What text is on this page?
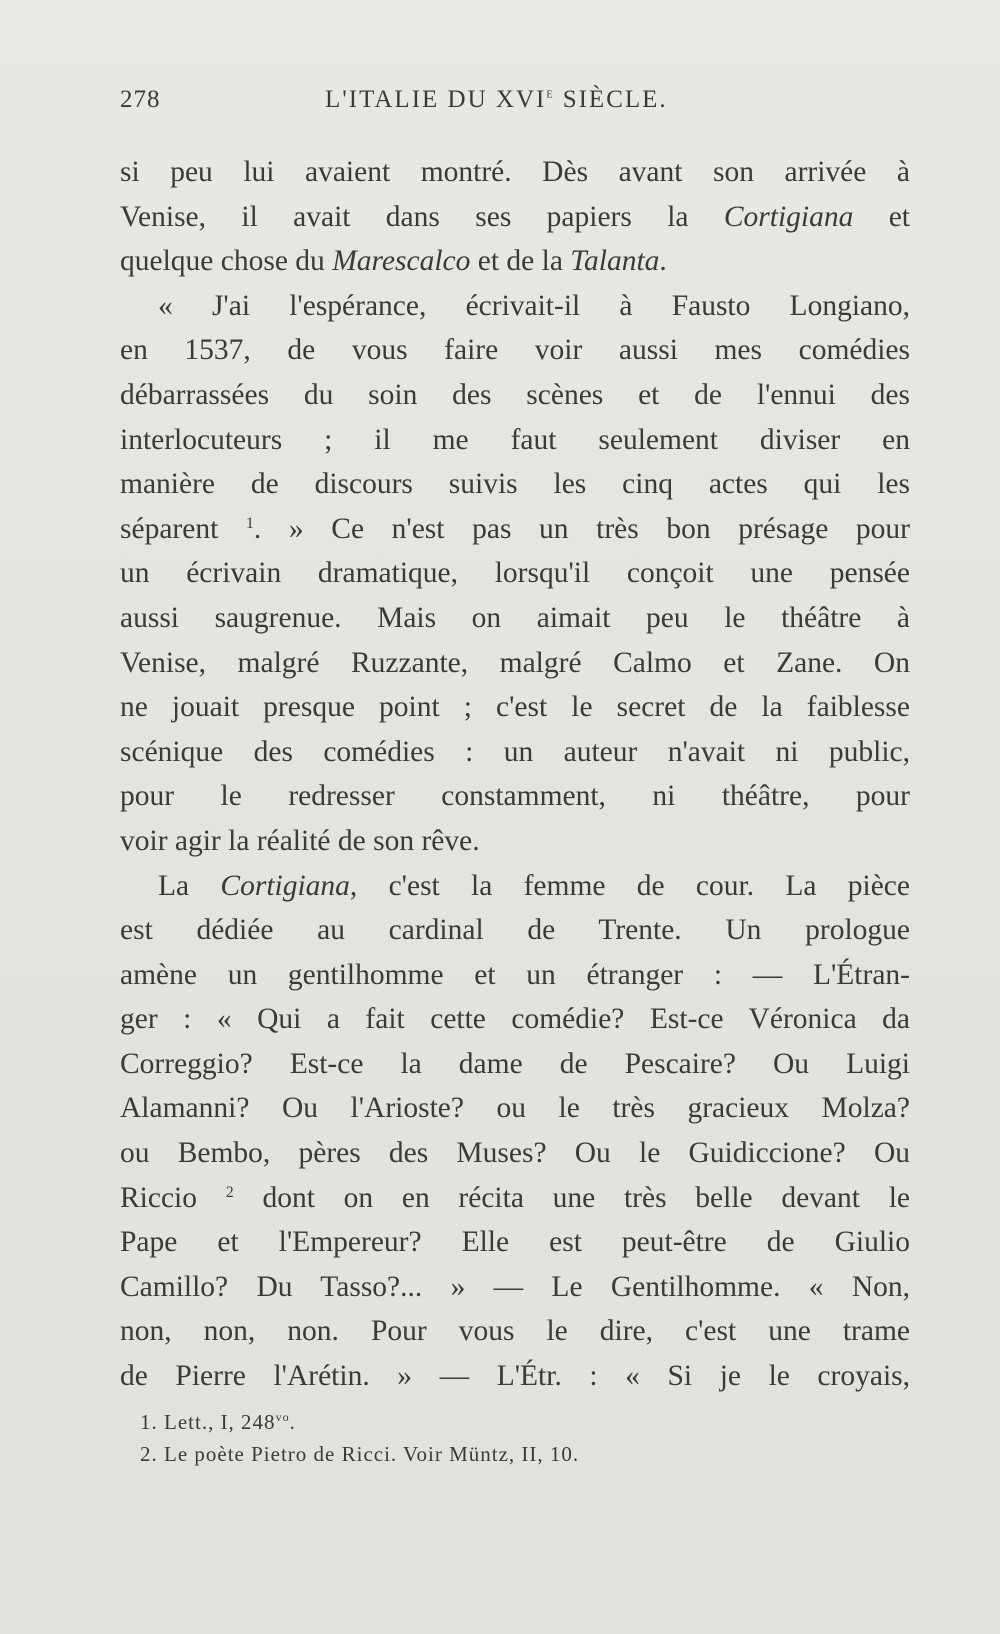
278	L'ITALIE DU XVIe SIÈCLE.
si peu lui avaient montré. Dès avant son arrivée à
Venise, il avait dans ses papiers la Cortigiana et
quelque chose du Marescalco et de la Talanta.
« J'ai l'espérance, écrivait-il à Fausto Longiano,
en 1537, de vous faire voir aussi mes comédies
débarrassées du soin des scènes et de l'ennui des
interlocuteurs ; il me faut seulement diviser en
manière de discours suivis les cinq actes qui les
séparent $^1$. » Ce n'est pas un très bon présage pour
un écrivain dramatique, lorsqu'il conçoit une pensée
aussi saugrenue. Mais on aimait peu le théâtre à
Venise, malgré Ruzzante, malgré Calmo et Zane. On
ne jouait presque point ; c'est le secret de la faiblesse
scénique des comédies : un auteur n'avait ni public,
pour le redresser constamment, ni théâtre, pour
voir agir la réalité de son rêve.
La Cortigiana, c'est la femme de cour. La pièce
est dédiée au cardinal de Trente. Un prologue
amène un gentilhomme et un étranger : — L'Étran-
ger : « Qui a fait cette comédie? Est-ce Véronica da
Correggio? Est-ce la dame de Pescaire? Ou Luigi
Alamanni? Ou l'Arioste? ou le très gracieux Molza?
ou Bembo, pères des Muses? Ou le Guidiccione? Ou
Riccio $^2$ dont on en récita une très belle devant le
Pape et l'Empereur? Elle est peut-être de Giulio
Camillo? Du Tasso?... » — Le Gentilhomme. « Non,
non, non, non. Pour vous le dire, c'est une trame
de Pierre l'Arétin. » — L'Étr. : « Si je le croyais,
1. Lett., I, $248^{vo}$.
2. Le poète Pietro de Ricci. Voir Müntz, II, 10.
